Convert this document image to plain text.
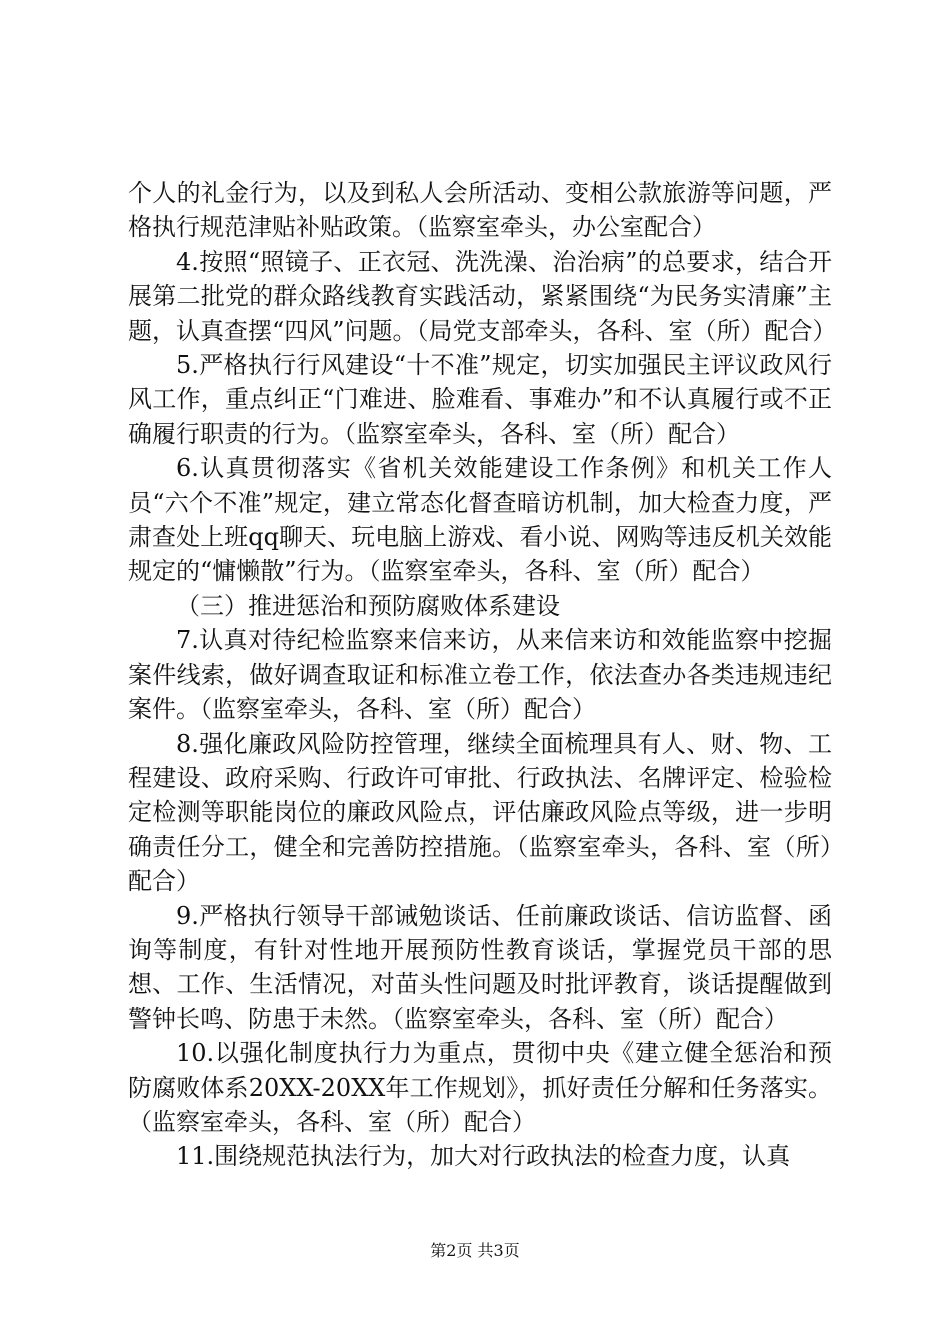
个人的礼金行为，以及到私人会所活动、变相公款旅游等问题，严格执行规范津贴补贴政策。（监察室牵头，办公室配合）

4.按照“照镜子、正衣冠、洗洗澡、治治病”的总要求，结合开展第二批党的群众路线教育实践活动，紧紧围绕“为民务实清廉”主题，认真查摆“四风”问题。（局党支部牵头，各科、室（所）配合）

5.严格执行行风建设“十不准”规定，切实加强民主评议政风行风工作，重点纠正“门难进、脸难看、事难办”和不认真履行或不正确履行职责的行为。（监察室牵头，各科、室（所）配合）

6.认真贯彻落实《省机关效能建设工作条例》和机关工作人员“六个不准”规定，建立常态化督查暗访机制，加大检查力度，严肃查处上班qq聊天、玩电脑上游戏、看小说、网购等违反机关效能规定的“慵懒散”行为。（监察室牵头，各科、室（所）配合）

（三）推进惩治和预防腐败体系建设

7.认真对待纪检监察来信来访，从来信来访和效能监察中挖掘案件线索，做好调查取证和标准立卷工作，依法查办各类违规违纪案件。（监察室牵头，各科、室（所）配合）

8.强化廉政风险防控管理，继续全面梳理具有人、财、物、工程建设、政府采购、行政许可审批、行政执法、名牌评定、检验检定检测等职能岗位的廉政风险点，评估廉政风险点等级，进一步明确责任分工，健全和完善防控措施。（监察室牵头，各科、室（所）配合）

9.严格执行领导干部诫勉谈话、任前廉政谈话、信访监督、函询等制度，有针对性地开展预防性教育谈话，掌握党员干部的思想、工作、生活情况，对苗头性问题及时批评教育，谈话提醒做到警钟长鸣、防患于未然。（监察室牵头，各科、室（所）配合）

10.以强化制度执行力为重点，贯彻中央《建立健全惩治和预防腐败体系20XX-20XX年工作规划》，抓好责任分解和任务落实。（监察室牵头，各科、室（所）配合）

11.围绕规范执法行为，加大对行政执法的检查力度，认真

第2页 共3页
